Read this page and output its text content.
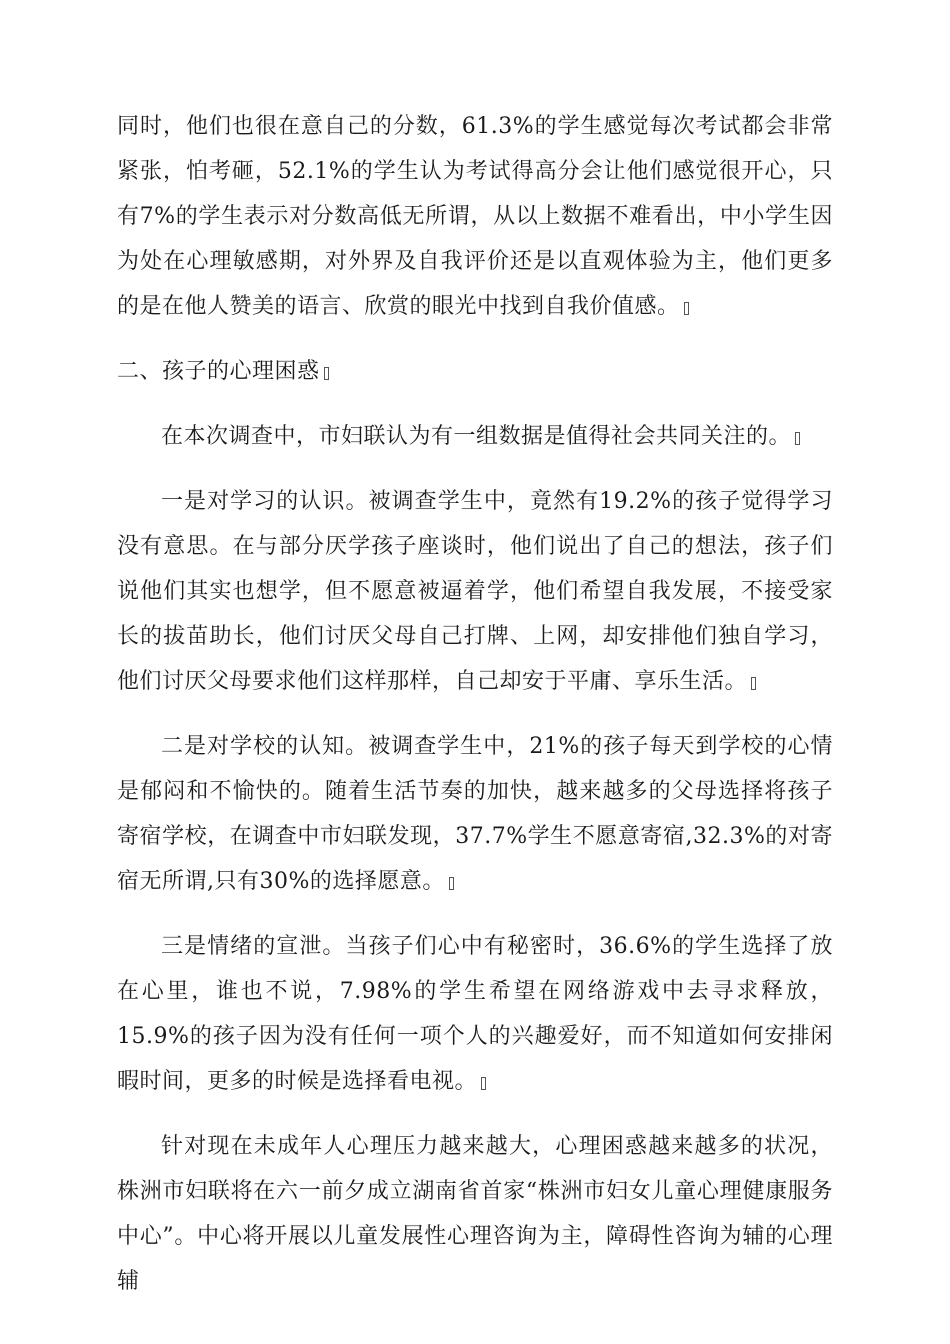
同时，他们也很在意自己的分数，61.3%的学生感觉每次考试都会非常紧张，怕考砸，52.1%的学生认为考试得高分会让他们感觉很开心，只有7%的学生表示对分数高低无所谓，从以上数据不难看出，中小学生因为处在心理敏感期，对外界及自我评价还是以直观体验为主，他们更多的是在他人赞美的语言、欣赏的眼光中找到自我价值感。

二、孩子的心理困惑

在本次调查中，市妇联认为有一组数据是值得社会共同关注的。

一是对学习的认识。被调查学生中，竟然有19.2%的孩子觉得学习没有意思。在与部分厌学孩子座谈时，他们说出了自己的想法，孩子们说他们其实也想学，但不愿意被逼着学，他们希望自我发展，不接受家长的拔苗助长，他们讨厌父母自己打牌、上网，却安排他们独自学习，他们讨厌父母要求他们这样那样，自己却安于平庸、享乐生活。

二是对学校的认知。被调查学生中，21%的孩子每天到学校的心情是郁闷和不愉快的。随着生活节奏的加快，越来越多的父母选择将孩子寄宿学校，在调查中市妇联发现，37.7%学生不愿意寄宿,32.3%的对寄宿无所谓,只有30%的选择愿意。

三是情绪的宣泄。当孩子们心中有秘密时，36.6%的学生选择了放在心里，谁也不说，7.98%的学生希望在网络游戏中去寻求释放，15.9%的孩子因为没有任何一项个人的兴趣爱好，而不知道如何安排闲暇时间，更多的时候是选择看电视。

针对现在未成年人心理压力越来越大，心理困惑越来越多的状况，株洲市妇联将在六一前夕成立湖南省首家“株洲市妇女儿童心理健康服务中心”。中心将开展以儿童发展性心理咨询为主，障碍性咨询为辅的心理辅
